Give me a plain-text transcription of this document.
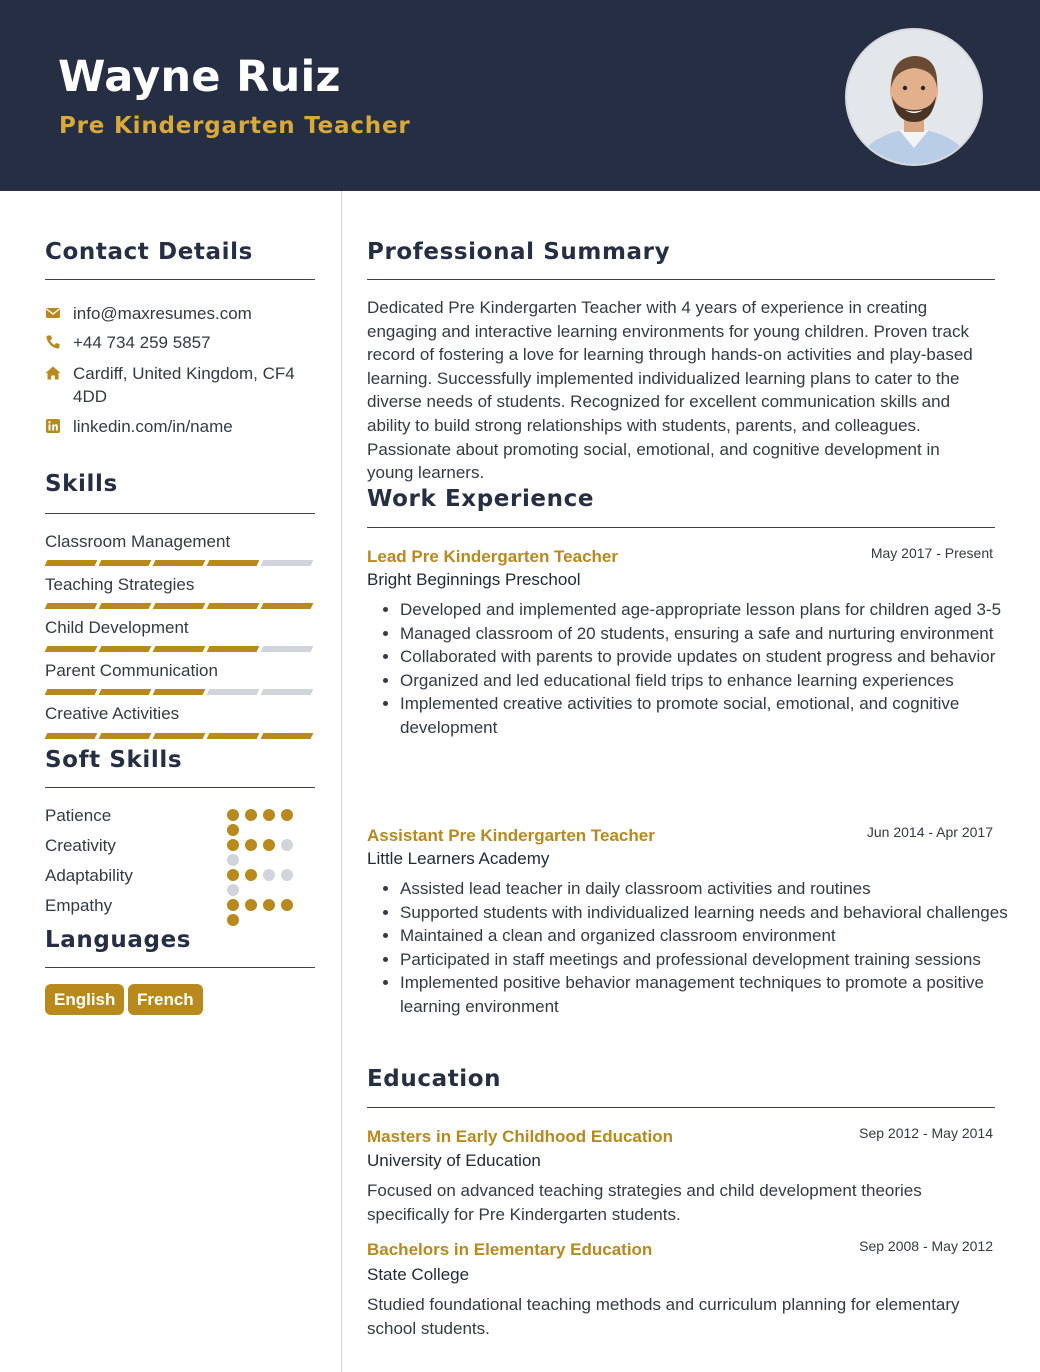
Wayne Ruiz
Pre Kindergarten Teacher
Contact Details
info@maxresumes.com
+44 734 259 5857
Cardiff, United Kingdom, CF4 4DD
linkedin.com/in/name
Skills
Classroom Management
Teaching Strategies
Child Development
Parent Communication
Creative Activities
Soft Skills
Patience
Creativity
Adaptability
Empathy
Languages
English	French
Professional Summary
Dedicated Pre Kindergarten Teacher with 4 years of experience in creating engaging and interactive learning environments for young children. Proven track record of fostering a love for learning through hands-on activities and play-based learning. Successfully implemented individualized learning plans to cater to the diverse needs of students. Recognized for excellent communication skills and ability to build strong relationships with students, parents, and colleagues. Passionate about promoting social, emotional, and cognitive development in young learners.
Work Experience
Lead Pre Kindergarten Teacher	May 2017 - Present
Bright Beginnings Preschool
• Developed and implemented age-appropriate lesson plans for children aged 3-5
• Managed classroom of 20 students, ensuring a safe and nurturing environment
• Collaborated with parents to provide updates on student progress and behavior
• Organized and led educational field trips to enhance learning experiences
• Implemented creative activities to promote social, emotional, and cognitive development
Assistant Pre Kindergarten Teacher	Jun 2014 - Apr 2017
Little Learners Academy
• Assisted lead teacher in daily classroom activities and routines
• Supported students with individualized learning needs and behavioral challenges
• Maintained a clean and organized classroom environment
• Participated in staff meetings and professional development training sessions
• Implemented positive behavior management techniques to promote a positive learning environment
Education
Masters in Early Childhood Education	Sep 2012 - May 2014
University of Education
Focused on advanced teaching strategies and child development theories specifically for Pre Kindergarten students.
Bachelors in Elementary Education	Sep 2008 - May 2012
State College
Studied foundational teaching methods and curriculum planning for elementary school students.
